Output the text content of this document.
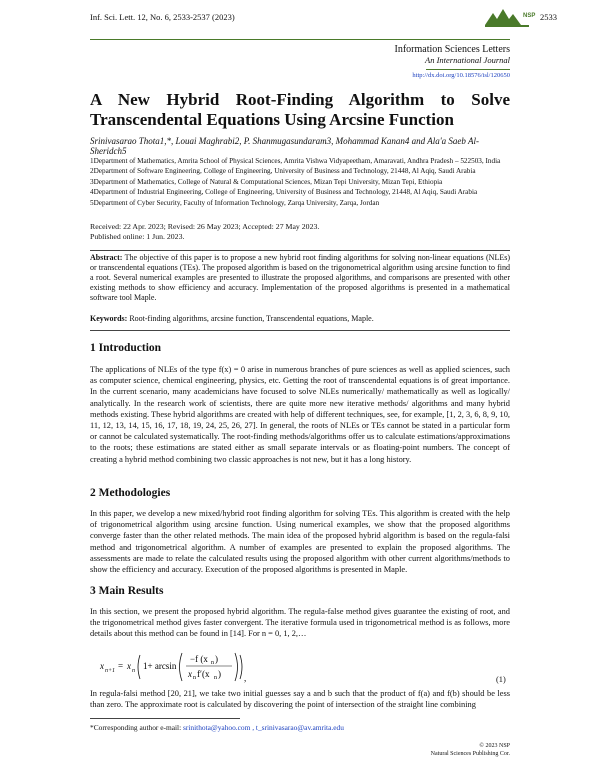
Inf. Sci. Lett. 12, No. 6, 2533-2537 (2023)	2533
NSP
Information Sciences Letters
An International Journal
http://dx.doi.org/10.18576/isl/120650
A New Hybrid Root-Finding Algorithm to Solve Transcendental Equations Using Arcsine Function
Srinivasarao Thota1,*, Louai Maghrabi2, P. Shanmugasundaram3, Mohammad Kanan4 and Ala'a Saeb Al-Sheridch5
1Department of Mathematics, Amrita School of Physical Sciences, Amrita Vishwa Vidyapeetham, Amaravati, Andhra Pradesh – 522503, India
2Department of Software Engineering, College of Engineering, University of Business and Technology, 21448, Al Aqiq, Saudi Arabia
3Department of Mathematics, College of Natural & Computational Sciences, Mizan Tepi University, Mizan Tepi, Ethiopia
4Department of Industrial Engineering, College of Engineering, University of Business and Technology, 21448, Al Aqiq, Saudi Arabia
5Department of Cyber Security, Faculty of Information Technology, Zarqa University, Zarqa, Jordan
Received: 22 Apr. 2023; Revised: 26 May 2023; Accepted: 27 May 2023.
Published online: 1 Jun. 2023.
Abstract: The objective of this paper is to propose a new hybrid root finding algorithms for solving non-linear equations (NLEs) or transcendental equations (TEs). The proposed algorithm is based on the trigonometrical algorithm using arcsine function to find a root. Several numerical examples are presented to illustrate the proposed algorithms, and comparisons are presented with other existing methods to show efficiency and accuracy. Implementation of the proposed algorithms is presented in a mathematical software tool Maple.
Keywords: Root-finding algorithms, arcsine function, Transcendental equations, Maple.
1 Introduction
The applications of NLEs of the type f(x) = 0 arise in numerous branches of pure sciences as well as applied sciences, such as computer science, chemical engineering, physics, etc. Getting the root of transcendental equations is of great importance. In the current scenario, many academicians have focused to solve NLEs numerically/ mathematically as well as logically/ analytically. In the research work of scientists, there are quite more new iterative methods/ algorithms and many hybrid methods existing. These hybrid algorithms are created with help of different techniques, see, for example, [1, 2, 3, 6, 8, 9, 10, 11, 12, 13, 14, 15, 16, 17, 18, 19, 24, 25, 26, 27]. In general, the roots of NLEs or TEs cannot be stated in a particular form or cannot be calculated systematically. The root-finding methods/algorithms offer us to calculate estimations/approximations to the roots; these estimations are stated either as small separate intervals or as floating-point numbers. The concept of creating a hybrid method combining two classic approaches is not new, but it has a long history.
2 Methodologies
In this paper, we develop a new mixed/hybrid root finding algorithm for solving TEs. This algorithm is created with the help of trigonometrical algorithm using arcsine function. Using numerical examples, we show that the proposed algorithms converge faster than the other related methods. The main idea of the proposed hybrid algorithm is based on the regula-falsi method and trigonometrical algorithm. A number of examples are presented to explain the proposed algorithms. The assessments are made to relate the calculated results using the proposed algorithm with other current algorithms/methods to show the efficiency and accuracy. Execution of the proposed algorithms is presented in Maple.
3 Main Results
In this section, we present the proposed hybrid algorithm. The regula-false method gives guarantee the existing of root, and the trigonometrical method gives faster convergent. The iterative formula used in trigonometrical method is as follows, more details about this method can be found in [14]. For n = 0, 1, 2,…
x n+1 = x n 1+ arcsin
−f (x n )
x n f′(x n )	,	(1)
In regula-falsi method [20, 21], we take two initial guesses say a and b such that the product of f(a) and f(b) should be less than zero. The approximate root is calculated by discovering the point of intersection of the straight line combining
*Corresponding author e-mail: srinithota@yahoo.com , t_srinivasarao@av.amrita.edu
© 2023 NSP
Natural Sciences Publishing Cor.
